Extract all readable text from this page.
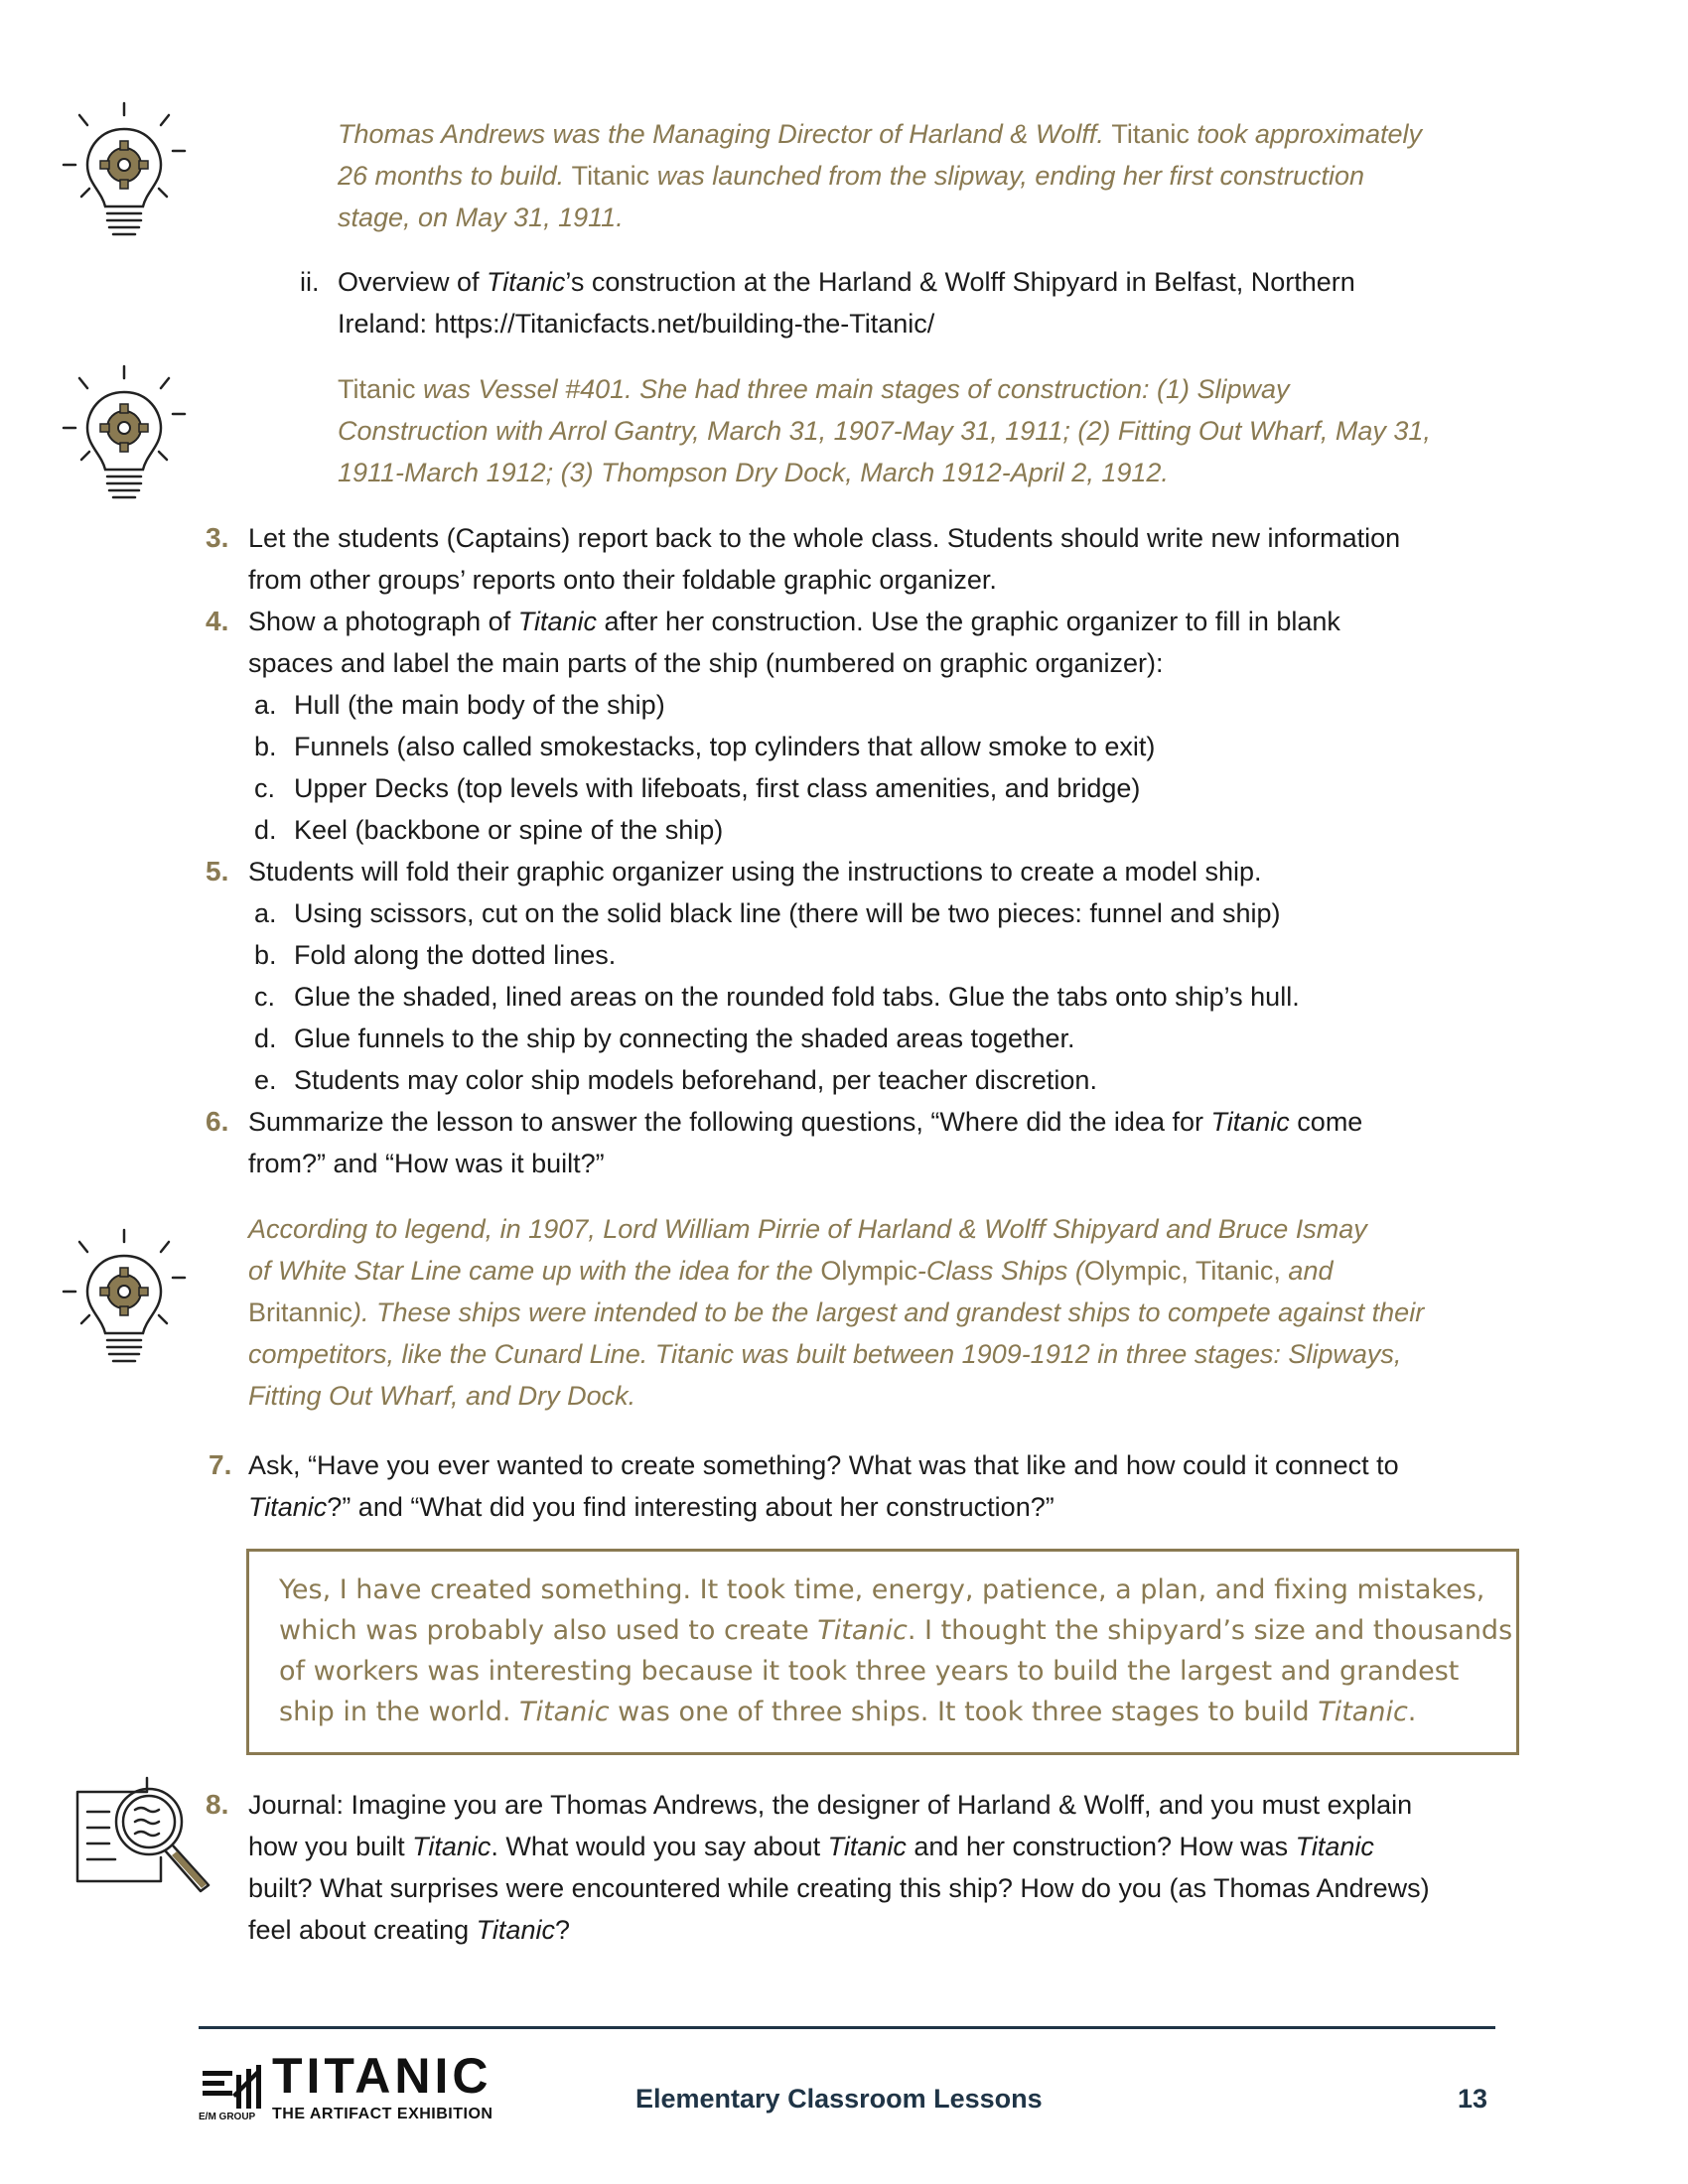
Thomas Andrews was the Managing Director of Harland & Wolff. Titanic took approximately
26 months to build. Titanic was launched from the slipway, ending her first construction
stage, on May 31, 1911.
ii. Overview of Titanic’s construction at the Harland & Wolff Shipyard in Belfast, Northern
Ireland: https://Titanicfacts.net/building-the-Titanic/
Titanic was Vessel #401. She had three main stages of construction: (1) Slipway
Construction with Arrol Gantry, March 31, 1907-May 31, 1911; (2) Fitting Out Wharf, May 31,
1911-March 1912; (3) Thompson Dry Dock, March 1912-April 2, 1912.
3. Let the students (Captains) report back to the whole class. Students should write new information
from other groups’ reports onto their foldable graphic organizer.
4. Show a photograph of Titanic after her construction. Use the graphic organizer to fill in blank
spaces and label the main parts of the ship (numbered on graphic organizer):
a. Hull (the main body of the ship)
b. Funnels (also called smokestacks, top cylinders that allow smoke to exit)
c. Upper Decks (top levels with lifeboats, first class amenities, and bridge)
d. Keel (backbone or spine of the ship)
5. Students will fold their graphic organizer using the instructions to create a model ship.
a. Using scissors, cut on the solid black line (there will be two pieces: funnel and ship)
b. Fold along the dotted lines.
c. Glue the shaded, lined areas on the rounded fold tabs. Glue the tabs onto ship’s hull.
d. Glue funnels to the ship by connecting the shaded areas together.
e. Students may color ship models beforehand, per teacher discretion.
6. Summarize the lesson to answer the following questions, “Where did the idea for Titanic come
from?” and “How was it built?”
According to legend, in 1907, Lord William Pirrie of Harland & Wolff Shipyard and Bruce Ismay
of White Star Line came up with the idea for the Olympic-Class Ships (Olympic, Titanic, and
Britannic). These ships were intended to be the largest and grandest ships to compete against their
competitors, like the Cunard Line. Titanic was built between 1909-1912 in three stages: Slipways,
Fitting Out Wharf, and Dry Dock.
7. Ask, “Have you ever wanted to create something? What was that like and how could it connect to
Titanic?” and “What did you find interesting about her construction?”
Yes, I have created something. It took time, energy, patience, a plan, and fixing mistakes,
which was probably also used to create Titanic. I thought the shipyard’s size and thousands
of workers was interesting because it took three years to build the largest and grandest
ship in the world. Titanic was one of three ships. It took three stages to build Titanic.
8. Journal: Imagine you are Thomas Andrews, the designer of Harland & Wolff, and you must explain
how you built Titanic. What would you say about Titanic and her construction? How was Titanic
built? What surprises were encountered while creating this ship? How do you (as Thomas Andrews)
feel about creating Titanic?
E/M GROUP
TITANIC
THE ARTIFACT EXHIBITION
Elementary Classroom Lessons	13
